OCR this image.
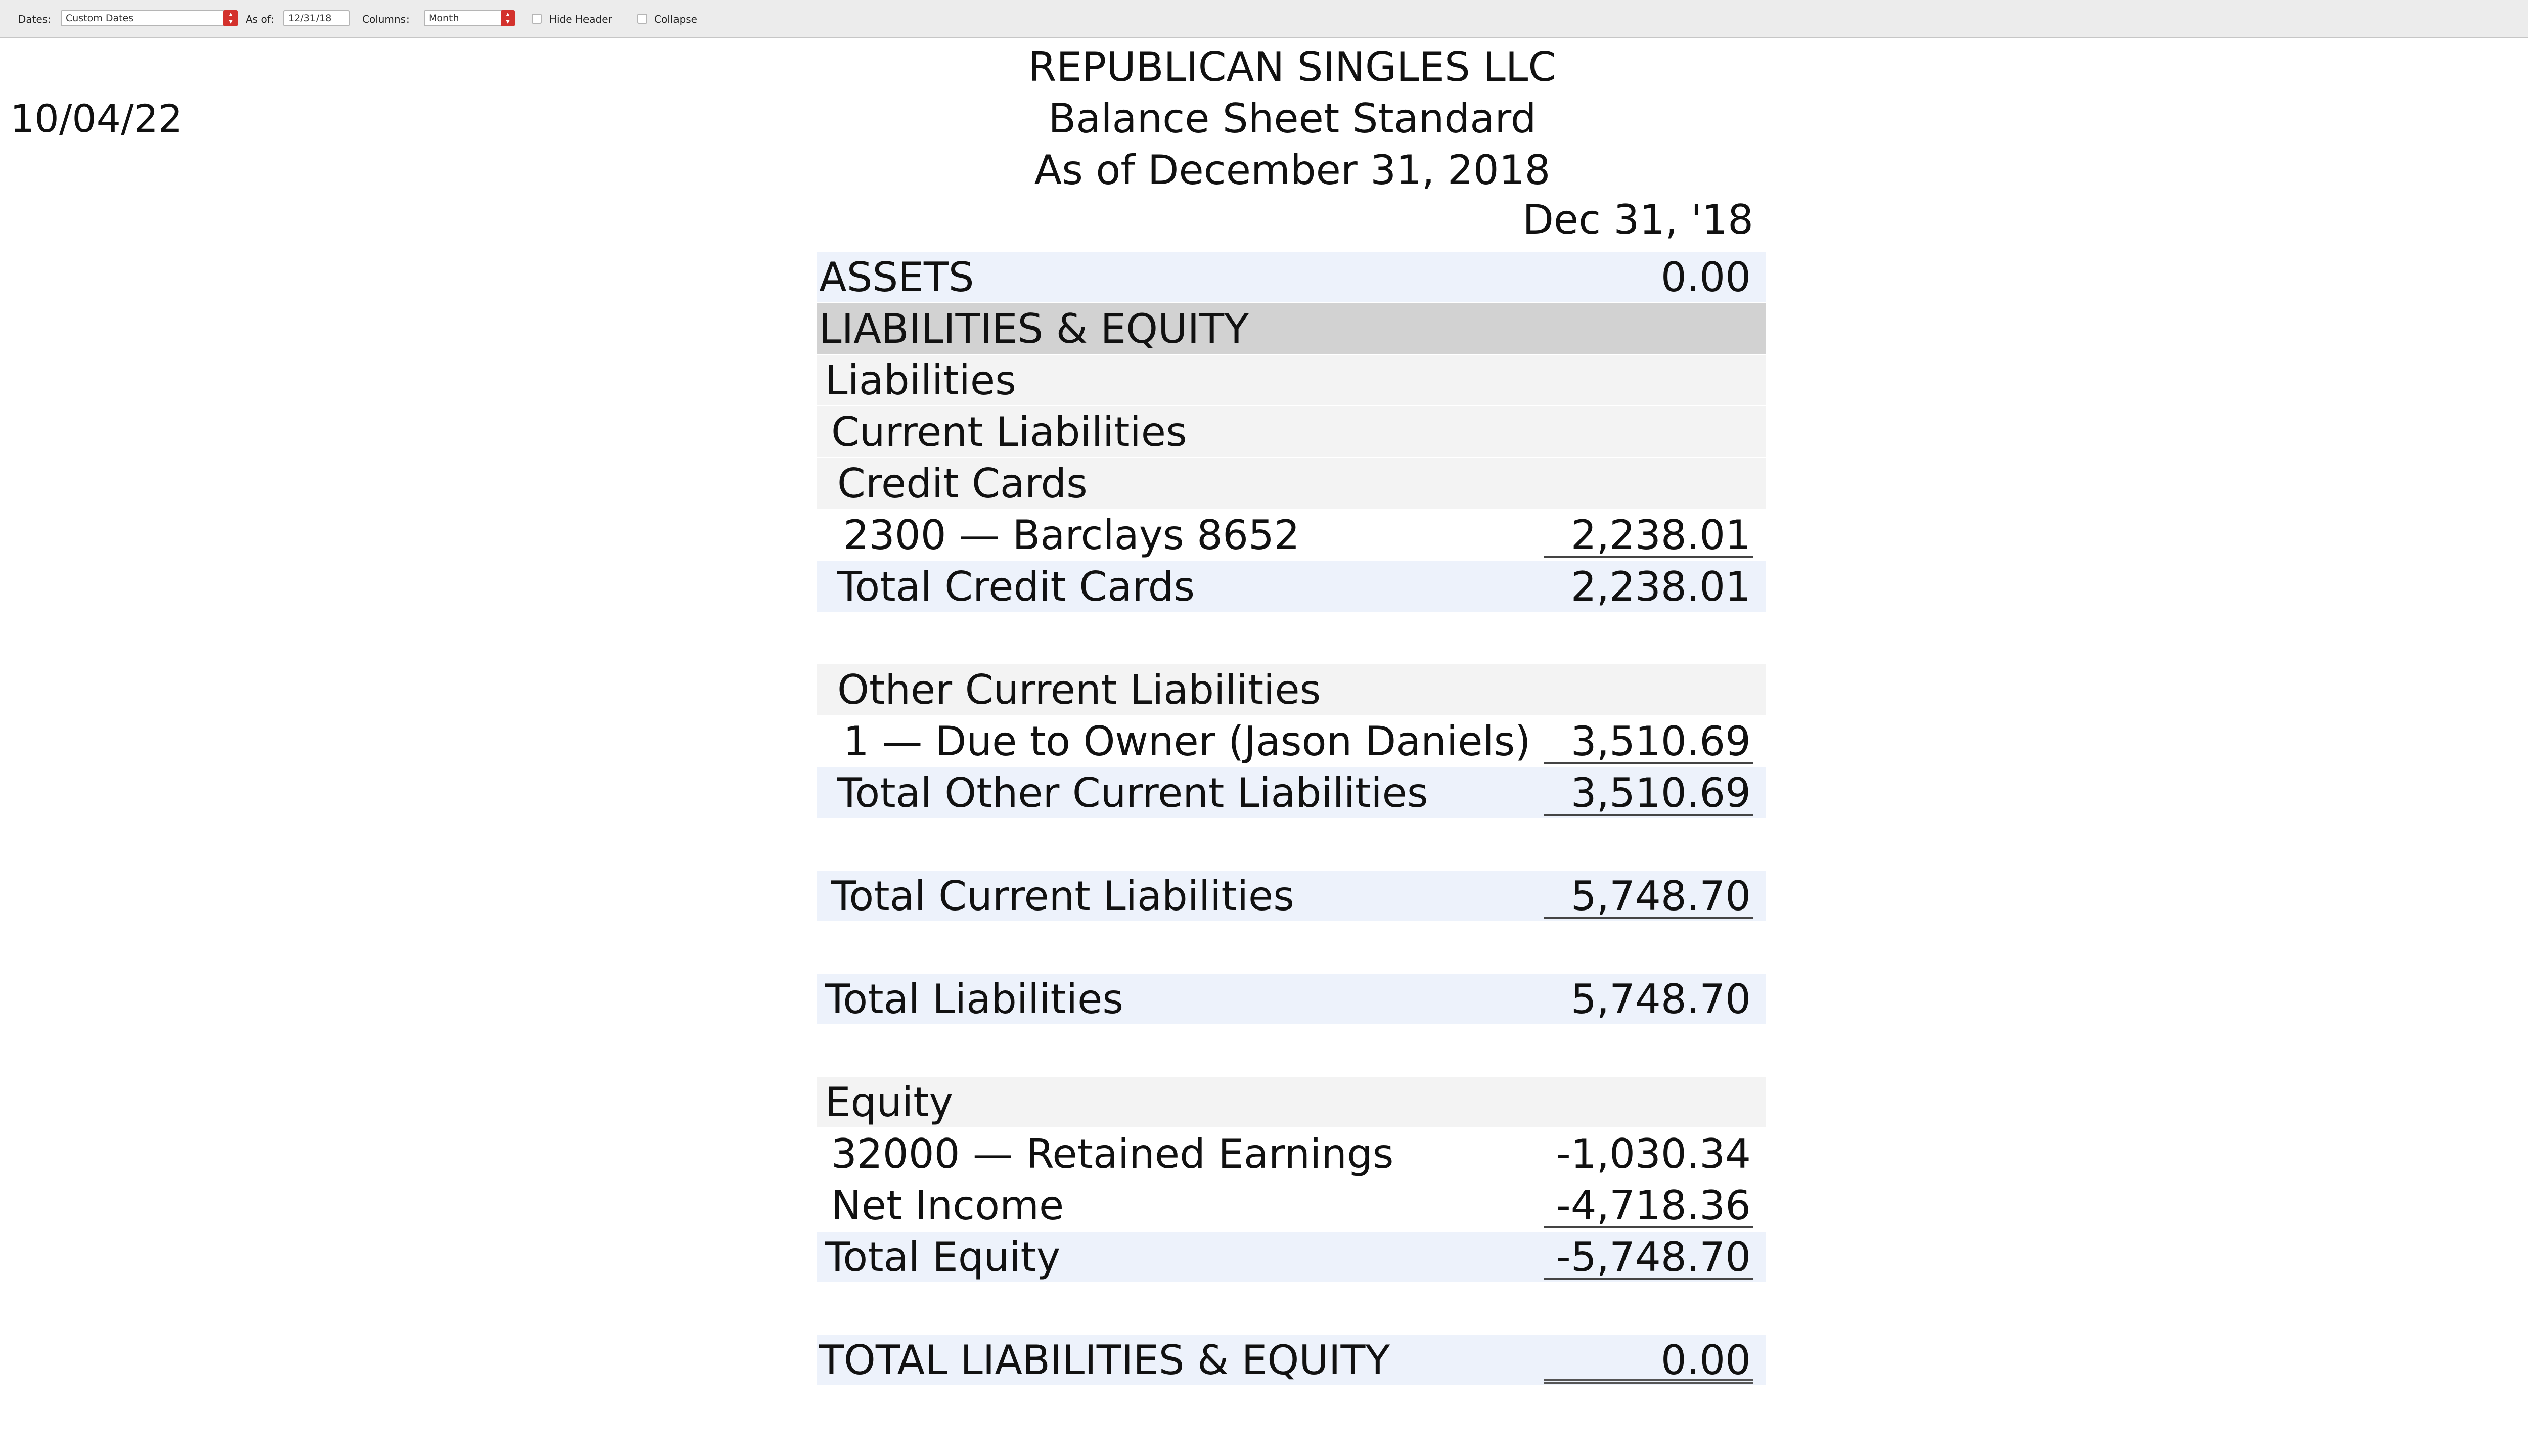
Dates:	Custom Dates	▴
▾	As of:	12/31/18	Columns:	Month	▴
▾	Hide Header	Collapse
10/04/22
REPUBLICAN SINGLES LLC
Balance Sheet Standard
As of December 31, 2018
Dec 31, '18
ASSETS	0.00
LIABILITIES & EQUITY
Liabilities
Current Liabilities
Credit Cards
2300 — Barclays 8652	2,238.01
Total Credit Cards	2,238.01
Other Current Liabilities
1 — Due to Owner (Jason Daniels) 3,510.69
Total Other Current Liabilities	3,510.69
Total Current Liabilities	5,748.70
Total Liabilities	5,748.70
Equity
32000 — Retained Earnings	-1,030.34
Net Income	-4,718.36
Total Equity	-5,748.70
TOTAL LIABILITIES & EQUITY	0.00
